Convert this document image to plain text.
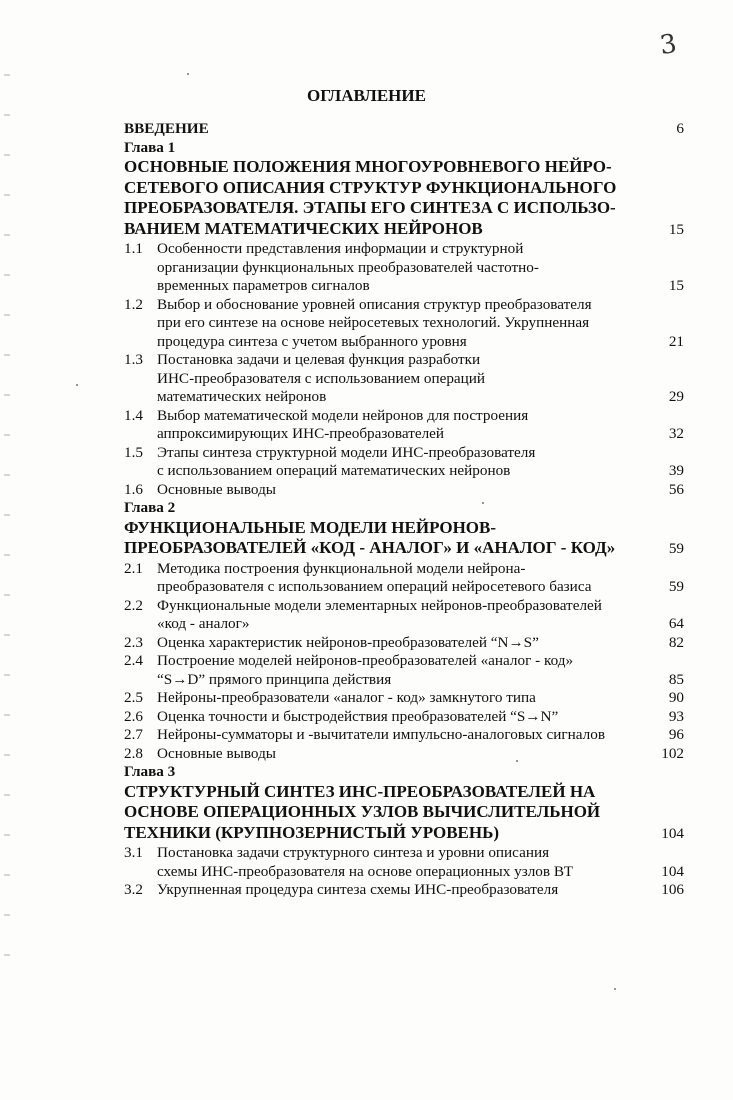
3
ОГЛАВЛЕНИЕ
ВВЕДЕНИЕ	6
Глава 1
ОСНОВНЫЕ ПОЛОЖЕНИЯ МНОГОУРОВНЕВОГО НЕЙРО-
СЕТЕВОГО ОПИСАНИЯ СТРУКТУР ФУНКЦИОНАЛЬНОГО
ПРЕОБРАЗОВАТЕЛЯ. ЭТАПЫ ЕГО СИНТЕЗА С ИСПОЛЬЗО-
ВАНИЕМ МАТЕМАТИЧЕСКИХ НЕЙРОНОВ	15
1.1 Особенности представления информации и структурной
организации функциональных преобразователей частотно-
временных параметров сигналов	15
1.2 Выбор и обоснование уровней описания структур преобразователя
при его синтезе на основе нейросетевых технологий. Укрупненная
процедура синтеза с учетом выбранного уровня	21
1.3 Постановка задачи и целевая функция разработки
ИНС-преобразователя с использованием операций
математических нейронов	29
1.4 Выбор математической модели нейронов для построения
аппроксимирующих ИНС-преобразователей	32
1.5 Этапы синтеза структурной модели ИНС-преобразователя
с использованием операций математических нейронов	39
1.6 Основные выводы	56
Глава 2
ФУНКЦИОНАЛЬНЫЕ МОДЕЛИ НЕЙРОНОВ-
ПРЕОБРАЗОВАТЕЛЕЙ «КОД - АНАЛОГ» И «АНАЛОГ - КОД»	59
2.1 Методика построения функциональной модели нейрона-
преобразователя с использованием операций нейросетевого базиса	59
2.2 Функциональные модели элементарных нейронов-преобразователей
«код - аналог»	64
2.3 Оценка характеристик нейронов-преобразователей “N→S”	82
2.4 Построение моделей нейронов-преобразователей «аналог - код»
“S→D” прямого принципа действия	85
2.5 Нейроны-преобразователи «аналог - код» замкнутого типа	90
2.6 Оценка точности и быстродействия преобразователей “S→N”	93
2.7 Нейроны-сумматоры и -вычитатели импульсно-аналоговых сигналов	96
2.8 Основные выводы	102
Глава 3
СТРУКТУРНЫЙ СИНТЕЗ ИНС-ПРЕОБРАЗОВАТЕЛЕЙ НА
ОСНОВЕ ОПЕРАЦИОННЫХ УЗЛОВ ВЫЧИСЛИТЕЛЬНОЙ
ТЕХНИКИ (КРУПНОЗЕРНИСТЫЙ УРОВЕНЬ)	104
3.1 Постановка задачи структурного синтеза и уровни описания
схемы ИНС-преобразователя на основе операционных узлов ВТ	104
3.2 Укрупненная процедура синтеза схемы ИНС-преобразователя	106
